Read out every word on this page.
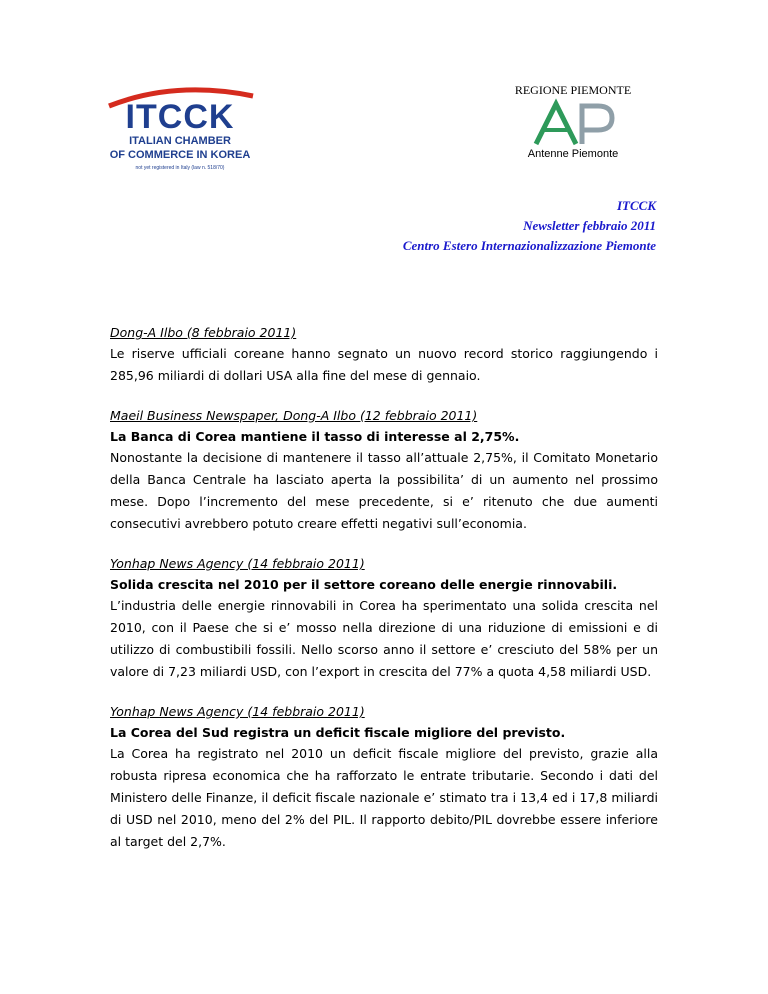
ITCCK
ITALIAN CHAMBER
OF COMMERCE IN KOREA
not yet registered in Italy (law n. 518/70)
REGIONE PIEMONTE
Antenne Piemonte
ITCCK
Newsletter febbraio 2011
Centro Estero Internazionalizzazione Piemonte
Dong-A Ilbo (8 febbraio 2011)
Le riserve ufficiali coreane hanno segnato un nuovo record storico raggiungendo i 285,96 miliardi di dollari USA alla fine del mese di gennaio.
Maeil Business Newspaper, Dong-A Ilbo (12 febbraio 2011)
La Banca di Corea mantiene il tasso di interesse al 2,75%.
Nonostante la decisione di mantenere il tasso all’attuale 2,75%, il Comitato Monetario della Banca Centrale ha lasciato aperta la possibilita’ di un aumento nel prossimo mese. Dopo l’incremento del mese precedente, si e’ ritenuto che due aumenti consecutivi avrebbero potuto creare effetti negativi sull’economia.
Yonhap News Agency (14 febbraio 2011)
Solida crescita nel 2010 per il settore coreano delle energie rinnovabili.
L’industria delle energie rinnovabili in Corea ha sperimentato una solida crescita nel 2010, con il Paese che si e’ mosso nella direzione di una riduzione di emissioni e di utilizzo di combustibili fossili. Nello scorso anno il settore e’ cresciuto del 58% per un valore di 7,23 miliardi USD, con l’export in crescita del 77% a quota 4,58 miliardi USD.
Yonhap News Agency (14 febbraio 2011)
La Corea del Sud registra un deficit fiscale migliore del previsto.
La Corea ha registrato nel 2010 un deficit fiscale migliore del previsto, grazie alla robusta ripresa economica che ha rafforzato le entrate tributarie. Secondo i dati del Ministero delle Finanze, il deficit fiscale nazionale e’ stimato tra i 13,4 ed i 17,8 miliardi di USD nel 2010, meno del 2% del PIL. Il rapporto debito/PIL dovrebbe essere inferiore al target del 2,7%.
